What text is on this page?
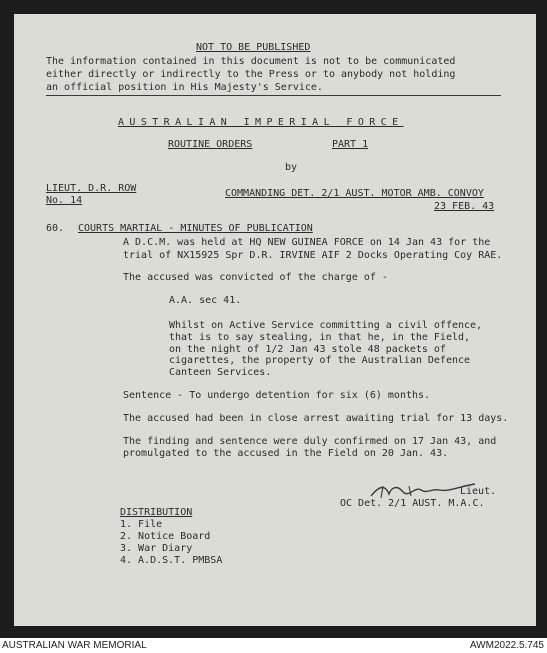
NOT TO BE PUBLISHED
The information contained in this document is not to be communicated
either directly or indirectly to the Press or to anybody not holding
an official position in His Majesty's Service.
AUSTRALIAN IMPERIAL FORCE
ROUTINE ORDERS	PART 1
by
LIEUT. D.R. ROW	COMMANDING DET. 2/1 AUST. MOTOR AMB. CONVOY
No. 14
23 FEB. 43
60. COURTS MARTIAL - MINUTES OF PUBLICATION
A D.C.M. was held at HQ NEW GUINEA FORCE on 14 Jan 43 for the
trial of NX15925 Spr D.R. IRVINE AIF 2 Docks Operating Coy RAE.
The accused was convicted of the charge of -
A.A. sec 41.
Whilst on Active Service committing a civil offence,
that is to say stealing, in that he, in the Field,
on the night of 1/2 Jan 43 stole 48 packets of
cigarettes, the property of the Australian Defence
Canteen Services.
Sentence - To undergo detention for six (6) months.
The accused had been in close arrest awaiting trial for 13 days.
The finding and sentence were duly confirmed on 17 Jan 43, and
promulgated to the accused in the Field on 20 Jan. 43.
Lieut.
OC Det. 2/1 AUST. M.A.C.
DISTRIBUTION
1. File
2. Notice Board
3. War Diary
4. A.D.S.T. PMBSA
AUSTRALIAN WAR MEMORIAL	AWM2022.5.745
